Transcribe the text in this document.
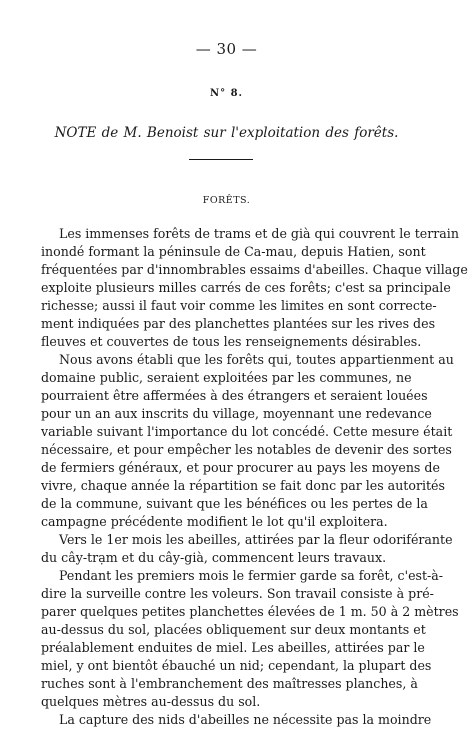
— 30 —
N° 8.
NOTE de M. Benoist sur l'exploitation des forêts.
FORÊTS.
Les immenses forêts de trams et de già qui couvrent le terrain
inondé formant la péninsule de Ca-mau, depuis Hatien, sont
fréquentées par d'innombrables essaims d'abeilles. Chaque village
exploite plusieurs milles carrés de ces forêts; c'est sa principale
richesse; aussi il faut voir comme les limites en sont correcte-
ment indiquées par des planchettes plantées sur les rives des
fleuves et couvertes de tous les renseignements désirables.
Nous avons établi que les forêts qui, toutes appartienment au
domaine public, seraient exploitées par les communes, ne
pourraient être affermées à des étrangers et seraient louées
pour un an aux inscrits du village, moyennant une redevance
variable suivant l'importance du lot concédé. Cette mesure était
nécessaire, et pour empêcher les notables de devenir des sortes
de fermiers généraux, et pour procurer au pays les moyens de
vivre, chaque année la répartition se fait donc par les autorités
de la commune, suivant que les bénéfices ou les pertes de la
campagne précédente modifient le lot qu'il exploitera.
Vers le 1er mois les abeilles, attirées par la fleur odoriférante
du cây-trạm et du cây-già, commencent leurs travaux.
Pendant les premiers mois le fermier garde sa forêt, c'est-à-
dire la surveille contre les voleurs. Son travail consiste à pré-
parer quelques petites planchettes élevées de 1 m. 50 à 2 mètres
au-dessus du sol, placées obliquement sur deux montants et
préalablement enduites de miel. Les abeilles, attirées par le
miel, y ont bientôt ébauché un nid; cependant, la plupart des
ruches sont à l'embranchement des maîtresses planches, à
quelques mètres au-dessus du sol.
La capture des nids d'abeilles ne nécessite pas la moindre
